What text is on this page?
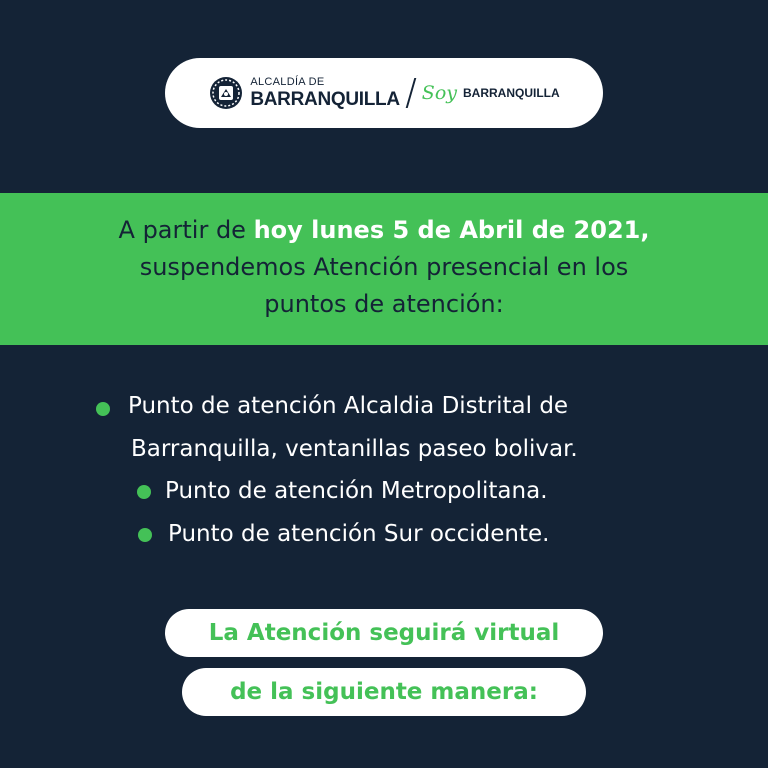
ALCALDÍA DE
BARRANQUILLA Soy BARRANQUILLA
A partir de hoy lunes 5 de Abril de 2021,
suspendemos Atención presencial en los
puntos de atención:
Punto de atención Alcaldia Distrital de
Barranquilla, ventanillas paseo bolivar.
Punto de atención Metropolitana.
Punto de atención Sur occidente.
La Atención seguirá virtual
de la siguiente manera:
